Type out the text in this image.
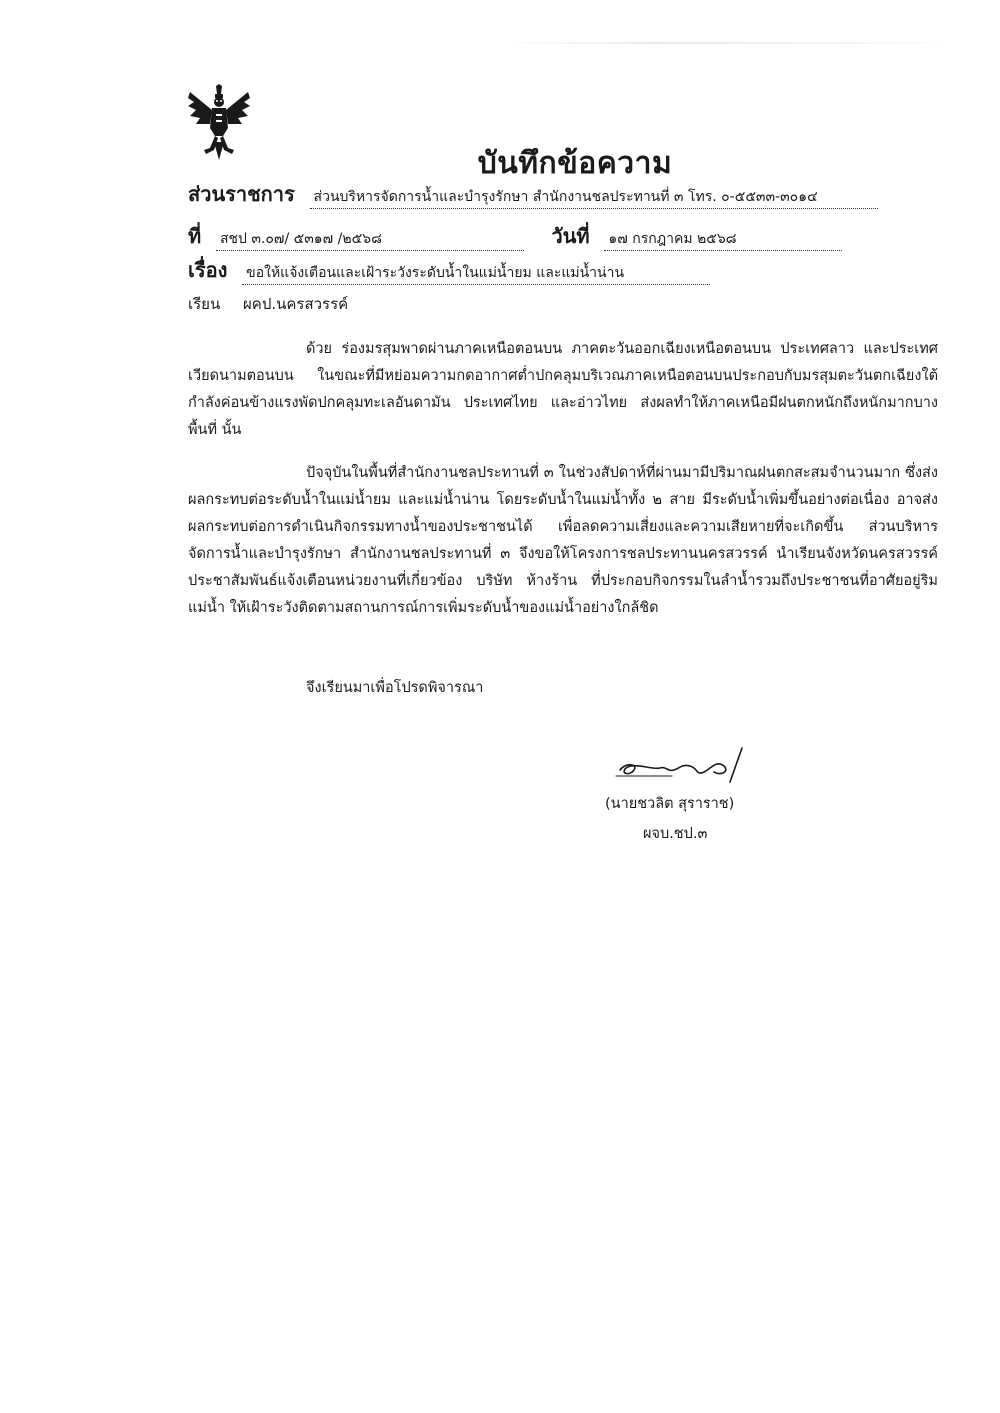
บันทึกข้อความ
ส่วนราชการ ส่วนบริหารจัดการน้ำและบำรุงรักษา สำนักงานชลประทานที่ ๓ โทร. ๐-๕๕๓๓-๓๐๑๔
ที่ สชป ๓.๐๗/ ๕๓๑๗ /๒๕๖๘	วันที่ ๑๗ กรกฎาคม ๒๕๖๘
เรื่อง ขอให้แจ้งเตือนและเฝ้าระวังระดับน้ำในแม่น้ำยม และแม่น้ำน่าน
เรียน ผคป.นครสวรรค์

ด้วย ร่องมรสุมพาดผ่านภาคเหนือตอนบน ภาคตะวันออกเฉียงเหนือตอนบน ประเทศลาว และประเทศเวียดนามตอนบน ในขณะที่มีหย่อมความกดอากาศต่ำปกคลุมบริเวณภาคเหนือตอนบนประกอบกับมรสุมตะวันตกเฉียงใต้กำลังค่อนข้างแรงพัดปกคลุมทะเลอันดามัน ประเทศไทย และอ่าวไทย ส่งผลทำให้ภาคเหนือมีฝนตกหนักถึงหนักมากบางพื้นที่ นั้น

ปัจจุบันในพื้นที่สำนักงานชลประทานที่ ๓ ในช่วงสัปดาห์ที่ผ่านมามีปริมาณฝนตกสะสมจำนวนมาก ซึ่งส่งผลกระทบต่อระดับน้ำในแม่น้ำยม และแม่น้ำน่าน โดยระดับน้ำในแม่น้ำทั้ง ๒ สาย มีระดับน้ำเพิ่มขึ้นอย่างต่อเนื่อง อาจส่งผลกระทบต่อการดำเนินกิจกรรมทางน้ำของประชาชนได้ เพื่อลดความเสี่ยงและความเสียหายที่จะเกิดขึ้น ส่วนบริหารจัดการน้ำและบำรุงรักษา สำนักงานชลประทานที่ ๓ จึงขอให้โครงการชลประทานนครสวรรค์ นำเรียนจังหวัดนครสวรรค์ประชาสัมพันธ์แจ้งเตือนหน่วยงานที่เกี่ยวข้อง บริษัท ห้างร้าน ที่ประกอบกิจกรรมในลำน้ำรวมถึงประชาชนที่อาศัยอยู่ริมแม่น้ำ ให้เฝ้าระวังติดตามสถานการณ์การเพิ่มระดับน้ำของแม่น้ำอย่างใกล้ชิด

จึงเรียนมาเพื่อโปรดพิจารณา
(นายชวลิต สุราราช)
ผจบ.ชป.๓
